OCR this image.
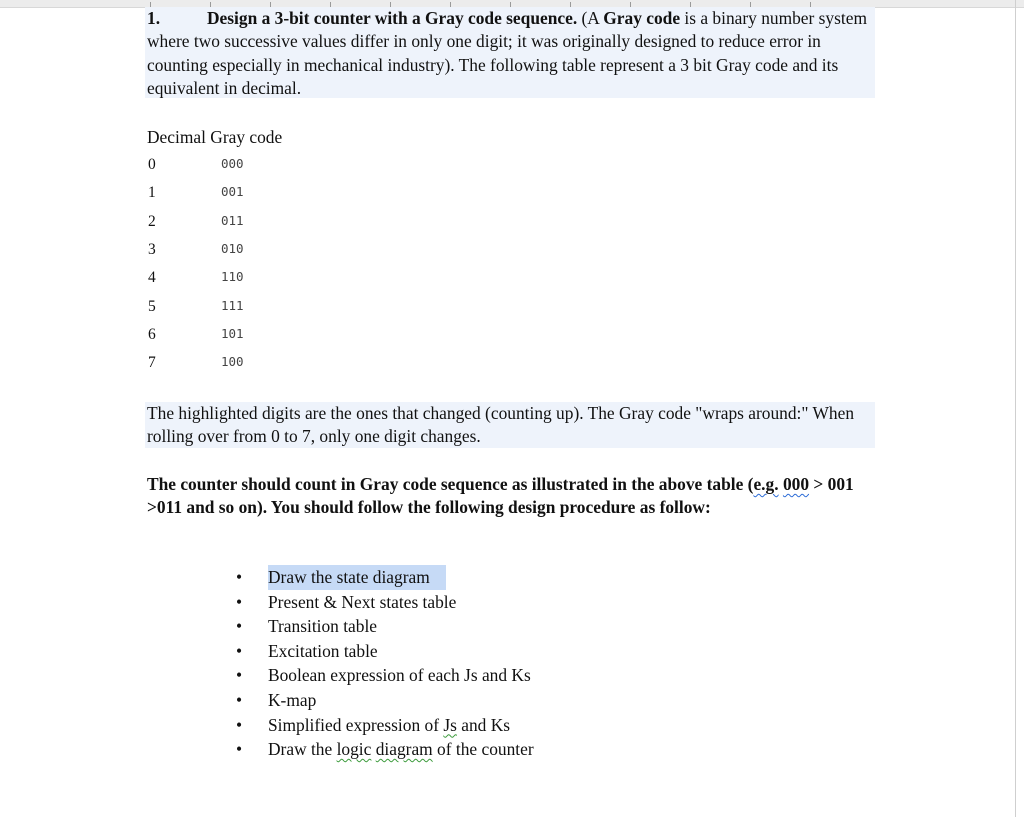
1.	Design a 3-bit counter with a Gray code sequence. (A Gray code is a binary number system where two successive values differ in only one digit; it was originally designed to reduce error in counting especially in mechanical industry). The following table represent a 3 bit Gray code and its equivalent in decimal.

Decimal Gray code
0	000
1	001
2	011
3	010
4	110
5	111
6	101
7	100

The highlighted digits are the ones that changed (counting up). The Gray code "wraps around:" When rolling over from 0 to 7, only one digit changes.

The counter should count in Gray code sequence as illustrated in the above table (e.g. 000 > 001 >011 and so on). You should follow the following design procedure as follow:

•	Draw the state diagram
•	Present & Next states table
•	Transition table
•	Excitation table
•	Boolean expression of each Js and Ks
•	K-map
•	Simplified expression of Js and Ks
•	Draw the logic diagram of the counter
